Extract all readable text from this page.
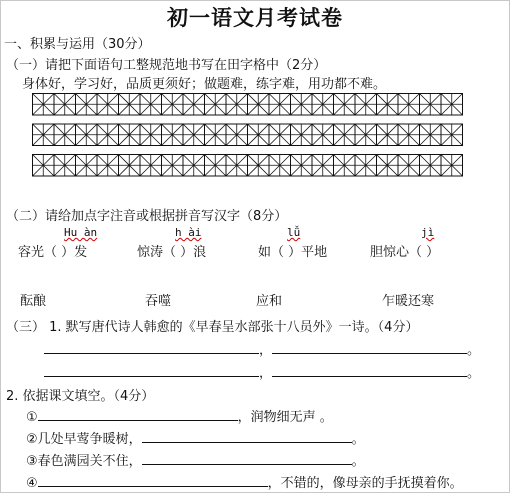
初一语文月考试卷
一、积累与运用（30分）
（一）请把下面语句工整规范地书写在田字格中（2分）
身体好，学习好，品质更须好；做题难，练字难，用功都不难。
（二）请给加点字注音或根据拼音写汉字（8分）
Hu àn	h ài	lǚ	jì
容光（ ）发	惊涛（ ）浪	如（ ）平地	胆惊心（ ）
酝酿	吞噬	应和	乍暖还寒
（三） 1. 默写唐代诗人韩愈的《早春呈水部张十八员外》一诗。（4分）
，	。
，	。
2. 依据课文填空。（4分）
①	，润物细无声 。
②几处早莺争暖树，	。
③春色满园关不住，	。
④	，不错的，像母亲的手抚摸着你。
